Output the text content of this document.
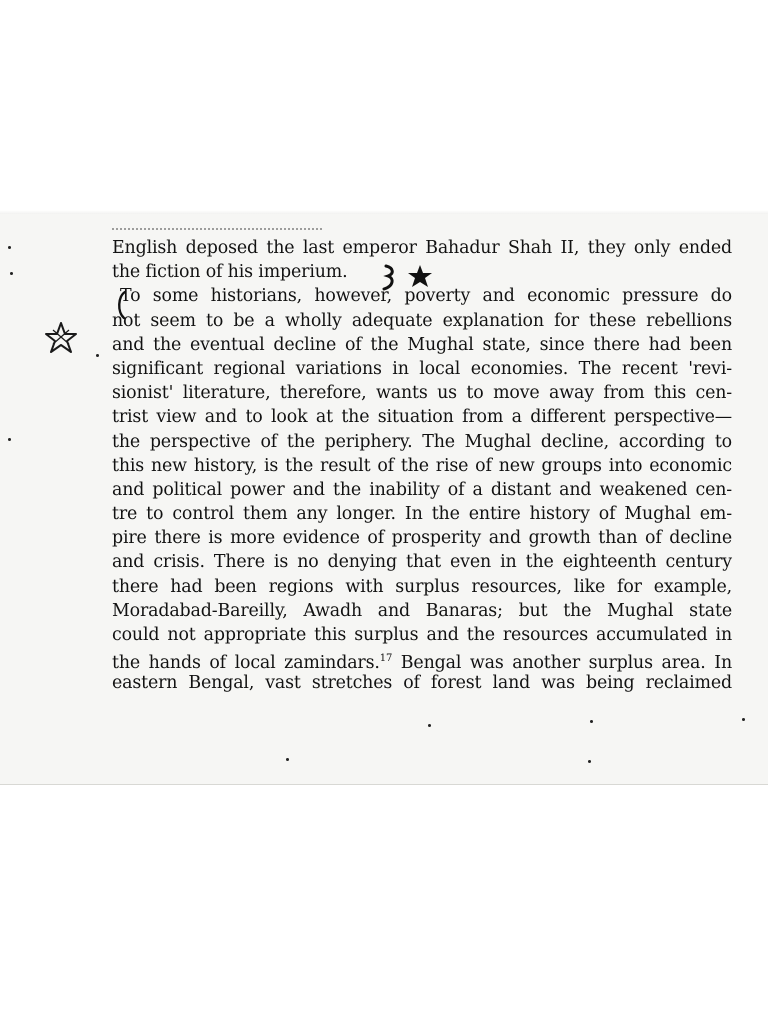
English deposed the last emperor Bahadur Shah II, they only ended
the fiction of his imperium.
To some historians, however, poverty and economic pressure do
not seem to be a wholly adequate explanation for these rebellions
and the eventual decline of the Mughal state, since there had been
significant regional variations in local economies. The recent 'revi-
sionist' literature, therefore, wants us to move away from this cen-
trist view and to look at the situation from a different perspective—
the perspective of the periphery. The Mughal decline, according to
this new history, is the result of the rise of new groups into economic
and political power and the inability of a distant and weakened cen-
tre to control them any longer. In the entire history of Mughal em-
pire there is more evidence of prosperity and growth than of decline
and crisis. There is no denying that even in the eighteenth century
there had been regions with surplus resources, like for example,
Moradabad-Bareilly, Awadh and Banaras; but the Mughal state
could not appropriate this surplus and the resources accumulated in
the hands of local zamindars.$^{17}$ Bengal was another surplus area. In
eastern Bengal, vast stretches of forest land was being reclaimed
